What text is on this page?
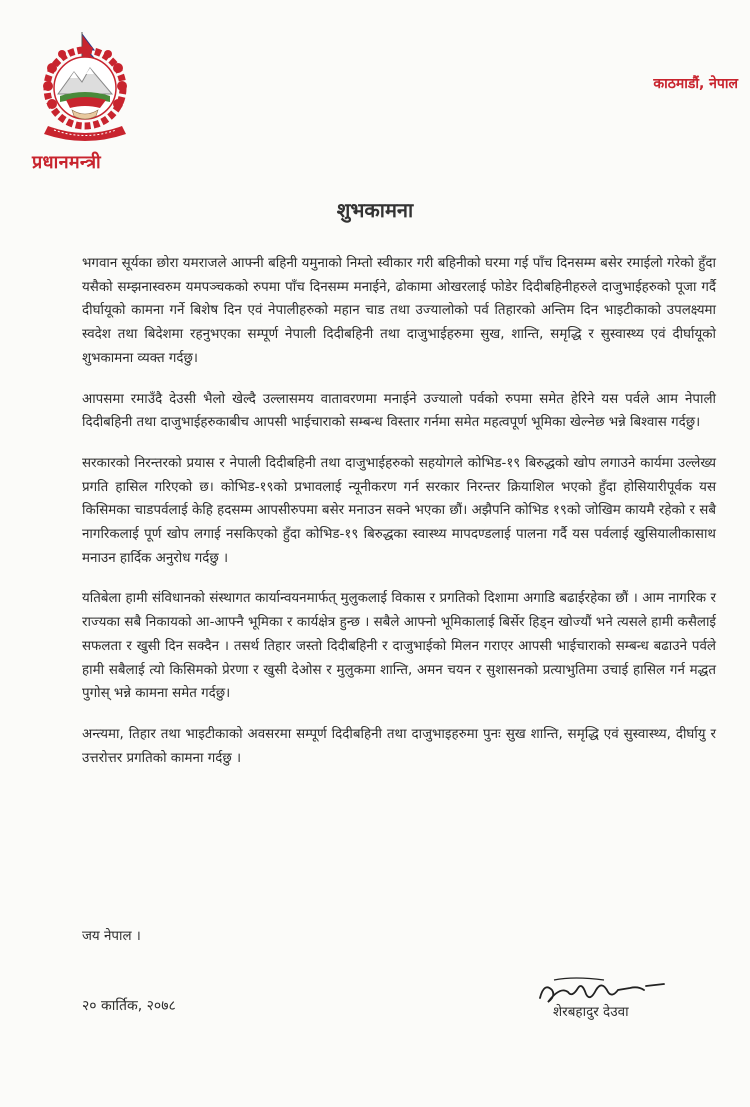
प्रधानमन्त्री
काठमाडौं, नेपाल
शुभकामना

भगवान सूर्यका छोरा यमराजले आफ्नी बहिनी यमुनाको निम्तो स्वीकार गरी बहिनीको घरमा गई पाँच दिनसम्म बसेर रमाईलो गरेको हुँदा यसैको सम्झनास्वरुम यमपञ्चकको रुपमा पाँच दिनसम्म मनाईने, ढोकामा ओखरलाई फोडेर दिदीबहिनीहरुले दाजुभाईहरुको पूजा गर्दै दीर्घायूको कामना गर्ने बिशेष दिन एवं नेपालीहरुको महान चाड तथा उज्यालोको पर्व तिहारको अन्तिम दिन भाइटीकाको उपलक्ष्यमा स्वदेश तथा बिदेशमा रहनुभएका सम्पूर्ण नेपाली दिदीबहिनी तथा दाजुभाईहरुमा सुख, शान्ति, समृद्धि र सुस्वास्थ्य एवं दीर्घायूको शुभकामना व्यक्त गर्दछु।

आपसमा रमाउँदै देउसी भैलो खेल्दै उल्लासमय वातावरणमा मनाईने उज्यालो पर्वको रुपमा समेत हेरिने यस पर्वले आम नेपाली दिदीबहिनी तथा दाजुभाईहरुकाबीच आपसी भाईचाराको सम्बन्ध विस्तार गर्नमा समेत महत्वपूर्ण भूमिका खेल्नेछ भन्ने बिश्वास गर्दछु।

सरकारको निरन्तरको प्रयास र नेपाली दिदीबहिनी तथा दाजुभाईहरुको सहयोगले कोभिड-१९ बिरुद्धको खोप लगाउने कार्यमा उल्लेख्य प्रगति हासिल गरिएको छ। कोभिड-१९को प्रभावलाई न्यूनीकरण गर्न सरकार निरन्तर क्रियाशिल भएको हुँदा होसियारीपूर्वक यस किसिमका चाडपर्वलाई केहि हदसम्म आपसीरुपमा बसेर मनाउन सक्ने भएका छौं। अझैपनि कोभिड १९को जोखिम कायमै रहेको र सबै नागरिकलाई पूर्ण खोप लगाई नसकिएको हुँदा कोभिड-१९ बिरुद्धका स्वास्थ्य मापदण्डलाई पालना गर्दै यस पर्वलाई खुसियालीकासाथ मनाउन हार्दिक अनुरोध गर्दछु ।

यतिबेला हामी संविधानको संस्थागत कार्यान्वयनमार्फत् मुलुकलाई विकास र प्रगतिको दिशामा अगाडि बढाईरहेका छौं । आम नागरिक र राज्यका सबै निकायको आ-आफ्नै भूमिका र कार्यक्षेत्र हुन्छ । सबैले आफ्नो भूमिकालाई बिर्सेर हिड्न खोज्यौं भने त्यसले हामी कसैलाई सफलता र खुसी दिन सक्दैन । तसर्थ तिहार जस्तो दिदीबहिनी र दाजुभाईको मिलन गराएर आपसी भाईचाराको सम्बन्ध बढाउने पर्वले हामी सबैलाई त्यो किसिमको प्रेरणा र खुसी देओस र मुलुकमा शान्ति, अमन चयन र सुशासनको प्रत्याभुतिमा उचाई हासिल गर्न मद्धत पुगोस् भन्ने कामना समेत गर्दछु।

अन्त्यमा, तिहार तथा भाइटीकाको अवसरमा सम्पूर्ण दिदीबहिनी तथा दाजुभाइहरुमा पुनः सुख शान्ति, समृद्धि एवं सुस्वास्थ्य, दीर्घायु र उत्तरोत्तर प्रगतिको कामना गर्दछु ।

जय नेपाल ।
२० कार्तिक, २०७८	शेरबहादुर देउवा
